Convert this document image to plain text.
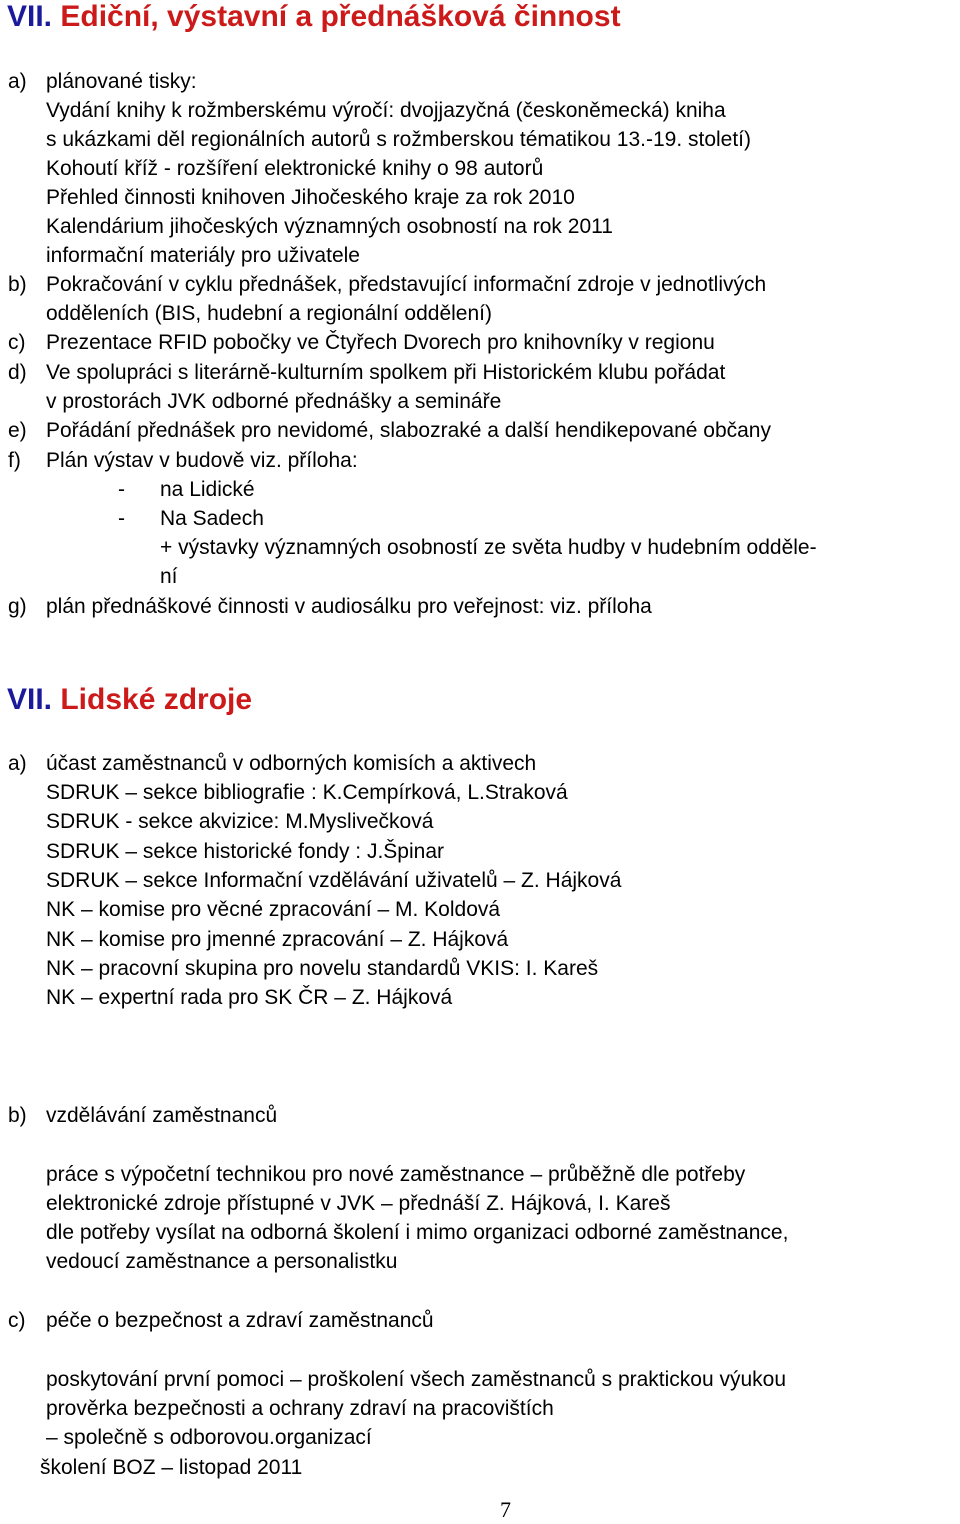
VII. Ediční, výstavní a přednášková činnost
a) plánované tisky:
Vydání knihy k rožmberskému výročí: dvojjazyčná (českoněmecká) kniha
s ukázkami děl regionálních autorů s rožmberskou tématikou 13.-19. století)
Kohoutí kříž - rozšíření elektronické knihy o 98 autorů
Přehled činnosti knihoven Jihočeského kraje za rok 2010
Kalendárium jihočeských významných osobností na rok 2011
informační materiály pro uživatele
b) Pokračování v cyklu přednášek, představující informační zdroje v jednotlivých
odděleních (BIS, hudební a regionální oddělení)
c) Prezentace RFID pobočky ve Čtyřech Dvorech pro knihovníky v regionu
d) Ve spolupráci s literárně-kulturním spolkem při Historickém klubu pořádat
v prostorách JVK odborné přednášky a semináře
e) Pořádání přednášek pro nevidomé, slabozraké a další hendikepované občany
f) Plán výstav v budově viz. příloha:
- na Lidické
- Na Sadech
+ výstavky významných osobností ze světa hudby v hudebním odděle-
ní
g) plán přednáškové činnosti v audiosálku pro veřejnost: viz. příloha
VII. Lidské zdroje
a) účast zaměstnanců v odborných komisích a aktivech
SDRUK – sekce bibliografie : K.Cempírková, L.Straková
SDRUK - sekce akvizice: M.Myslivečková
SDRUK – sekce historické fondy : J.Špinar
SDRUK – sekce Informační vzdělávání uživatelů – Z. Hájková
NK – komise pro věcné zpracování – M. Koldová
NK – komise pro jmenné zpracování – Z. Hájková
NK – pracovní skupina pro novelu standardů VKIS: I. Kareš
NK – expertní rada pro SK ČR – Z. Hájková
b) vzdělávání zaměstnanců
práce s výpočetní technikou pro nové zaměstnance – průběžně dle potřeby
elektronické zdroje přístupné v JVK – přednáší Z. Hájková, I. Kareš
dle potřeby vysílat na odborná školení i mimo organizaci odborné zaměstnance,
vedoucí zaměstnance a personalistku
c) péče o bezpečnost a zdraví zaměstnanců
poskytování první pomoci – proškolení všech zaměstnanců s praktickou výukou
prověrka bezpečnosti a ochrany zdraví na pracovištích
– společně s odborovou.organizací
školení BOZ – listopad 2011
7
